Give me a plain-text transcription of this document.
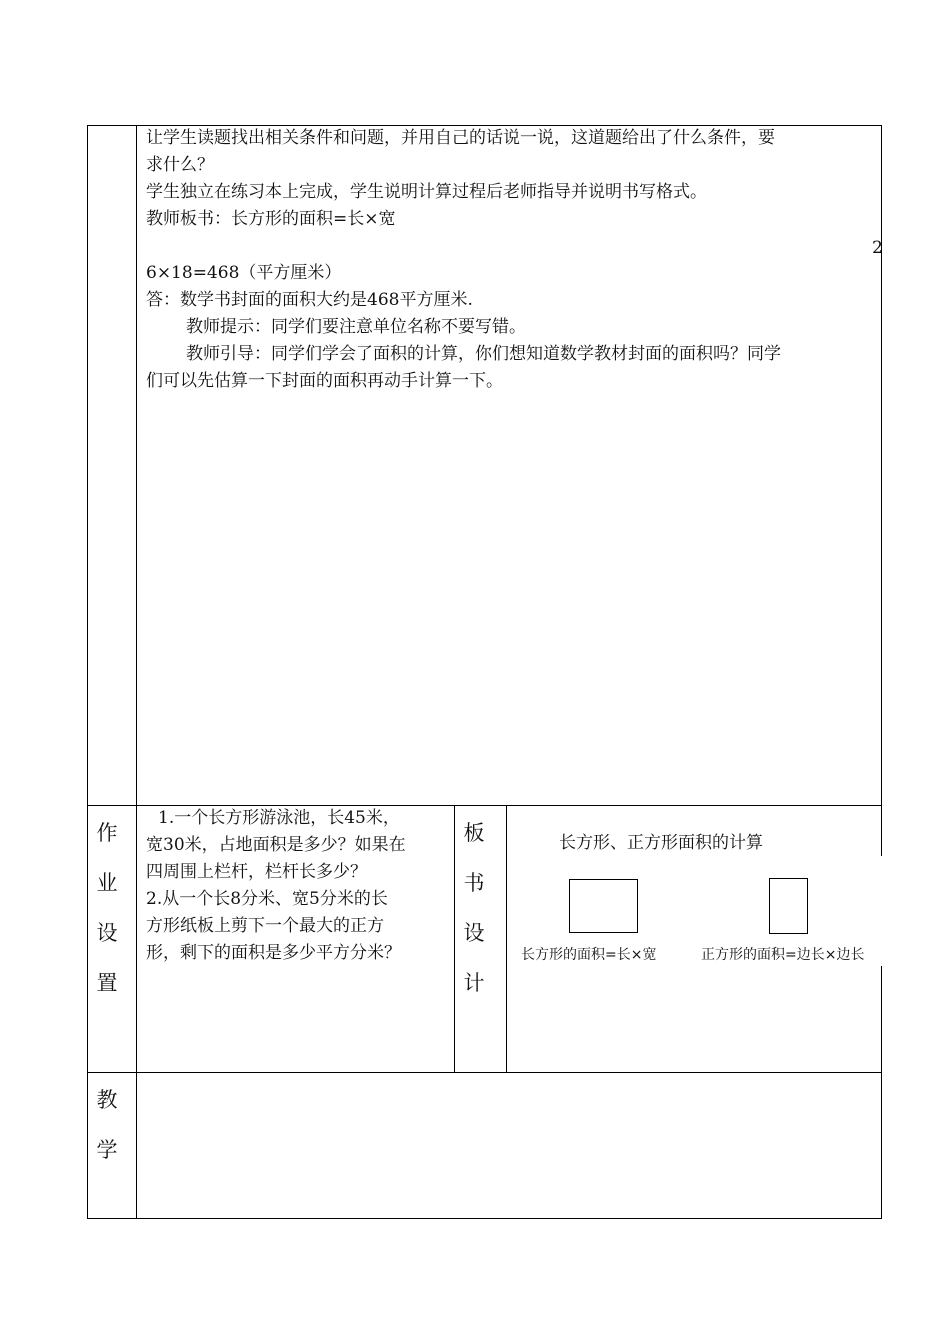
让学生读题找出相关条件和问题，并用自己的话说一说，这道题给出了什么条件，要
求什么？
学生独立在练习本上完成，学生说明计算过程后老师指导并说明书写格式。
教师板书：长方形的面积=长×宽
2
6×18=468（平方厘米）
答：数学书封面的面积大约是468平方厘米.
教师提示：同学们要注意单位名称不要写错。
教师引导：同学们学会了面积的计算，你们想知道数学教材封面的面积吗？同学
们可以先估算一下封面的面积再动手计算一下。
作
业
设
置
1.一个长方形游泳池，长45米，
宽30米，占地面积是多少？如果在
四周围上栏杆，栏杆长多少？
2.从一个长8分米、宽5分米的长
方形纸板上剪下一个最大的正方
形，剩下的面积是多少平方分米？
板
书
设
计
长方形、正方形面积的计算
长方形的面积=长×宽	正方形的面积=边长×边长
教
学
